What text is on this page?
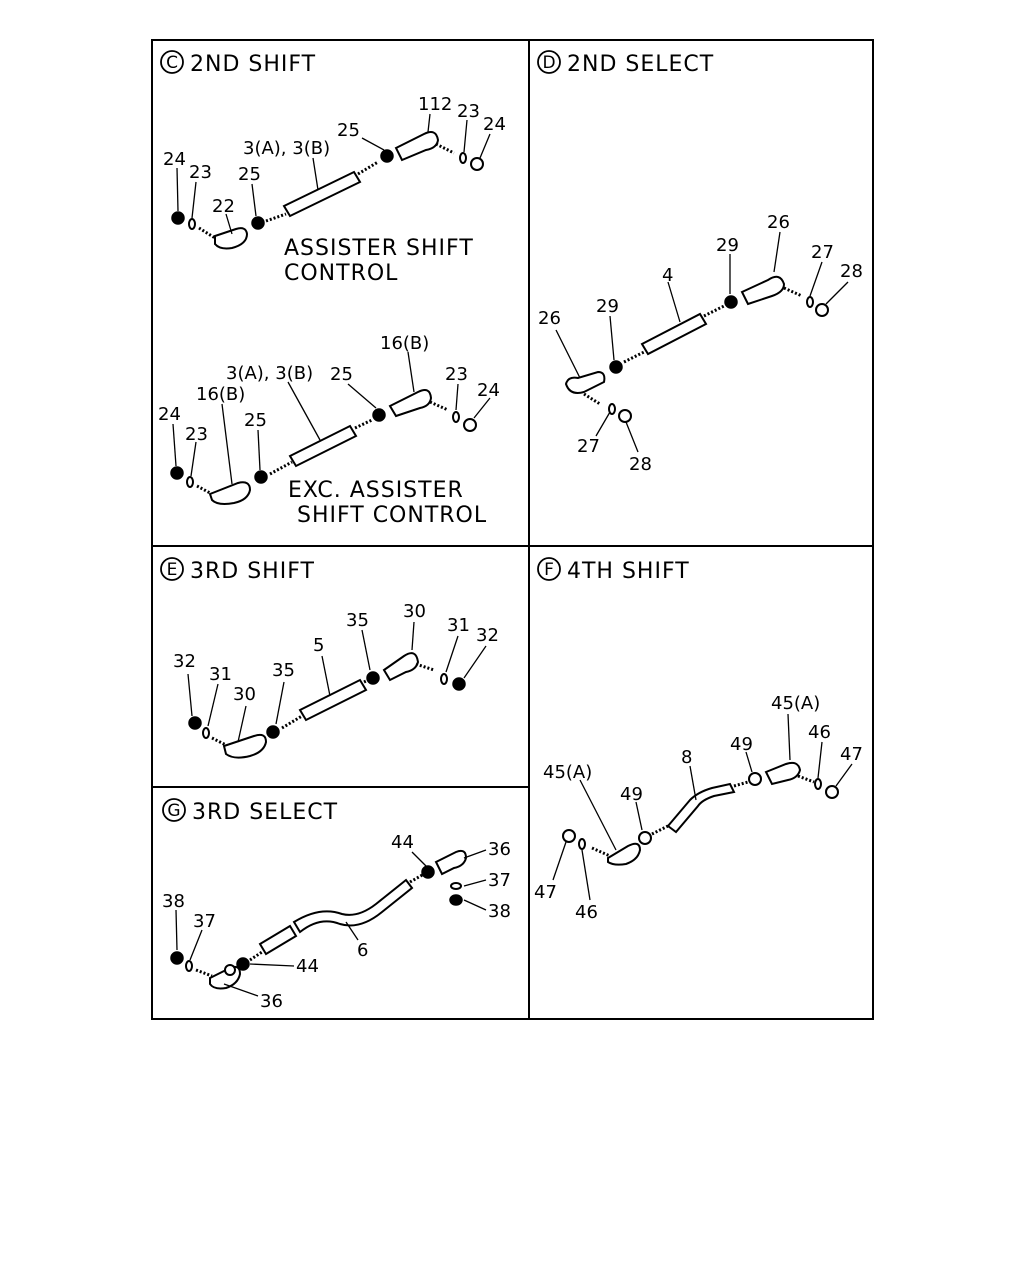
C 2ND SHIFT
112 23
24
25
3(A), 3(B)
24
23 25
22
ASSISTER SHIFT
CONTROL
16(B)
3(A), 3(B) 25	23
24
16(B)
24
23
25
EXC. ASSISTER
SHIFT CONTROL
D 2ND SELECT
26
29
4
27
28
26
29
27
28
E 3RD SHIFT
35 30
31 32
5
32
31 35
30
F 4TH SHIFT
45(A)
49
46
47
8
45(A)
49
47
46
G 3RD SELECT
44	36
37
38
38
37
6
44
36
